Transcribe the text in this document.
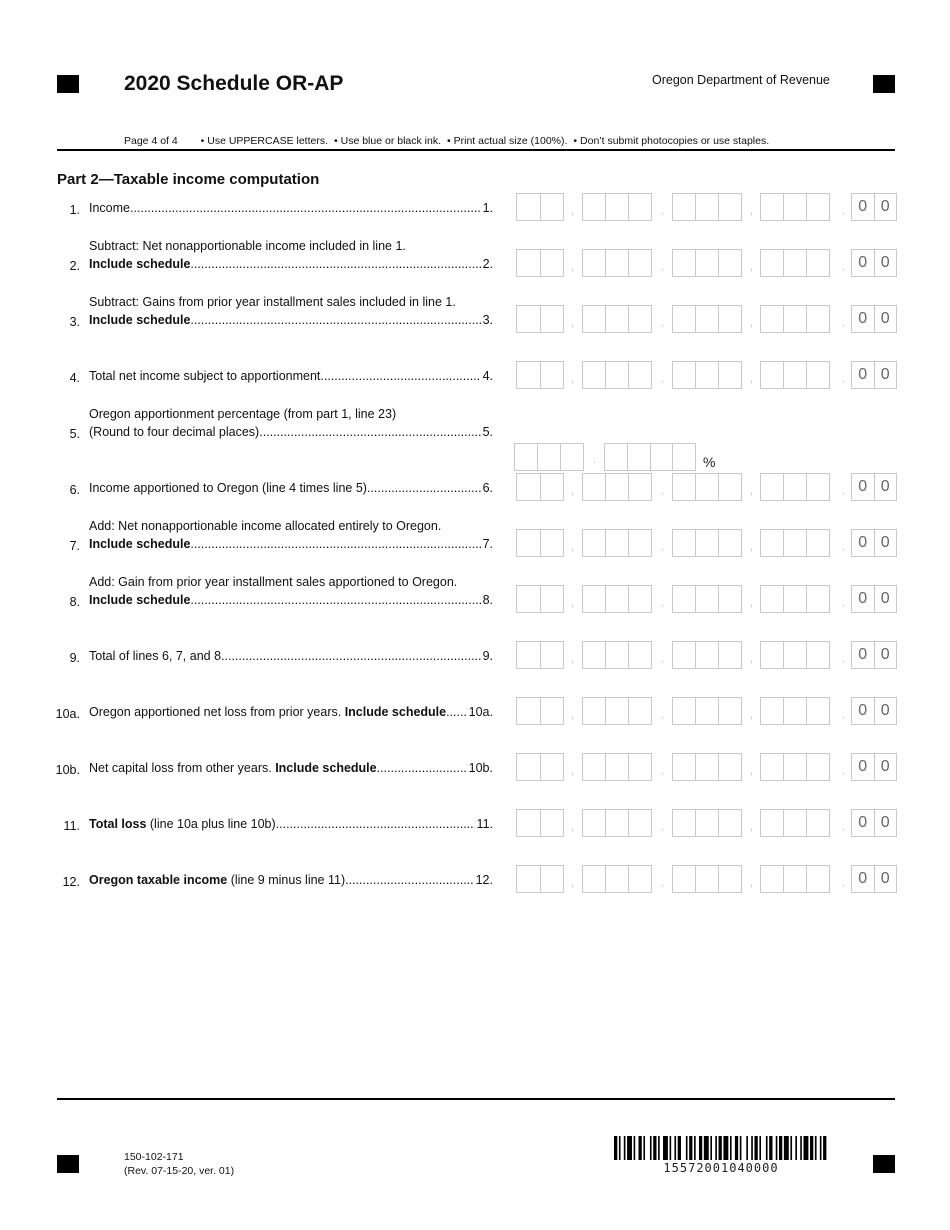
2020 Schedule OR-AP	Oregon Department of Revenue
Page 4 of 4 • Use UPPERCASE letters. • Use blue or black ink. • Print actual size (100%). • Don’t submit photocopies or use staples.
Part 2—Taxable income computation
1. Income .....	1.	,	,	,	. 0 0
2.
Subtract: Net nonapportionable income included in line 1.
Include schedule .....	2.	,	,	,	. 0 0
3.
Subtract: Gains from prior year installment sales included in line 1.
Include schedule .....	3.	,	,	,	. 0 0
4. Total net income subject to apportionment .....	4.	,	,	,	. 0 0
5.
Oregon apportionment percentage (from part 1, line 23)
(Round to four decimal places) .....	5.
.	%
6. Income apportioned to Oregon (line 4 times line 5) .....	6.	,	,	,	. 0 0
7.
Add: Net nonapportionable income allocated entirely to Oregon.
Include schedule .....	7.	,	,	,	. 0 0
8.
Add: Gain from prior year installment sales apportioned to Oregon.
Include schedule .....	8.	,	,	,	. 0 0
9. Total of lines 6, 7, and 8 .....	9.	,	,	,	. 0 0
10a. Oregon apportioned net loss from prior years. Include schedule ..... 10a.	,	,	,	. 0 0
10b. Net capital loss from other years. Include schedule .....	10b.	,	,	,	. 0 0
11. Total loss (line 10a plus line 10b) .....	11.	,	,	,	. 0 0
12. Oregon taxable income (line 9 minus line 11) .....	12.	,	,	,	. 0 0
150-102-171
(Rev. 07-15-20, ver. 01)	15572001040000
